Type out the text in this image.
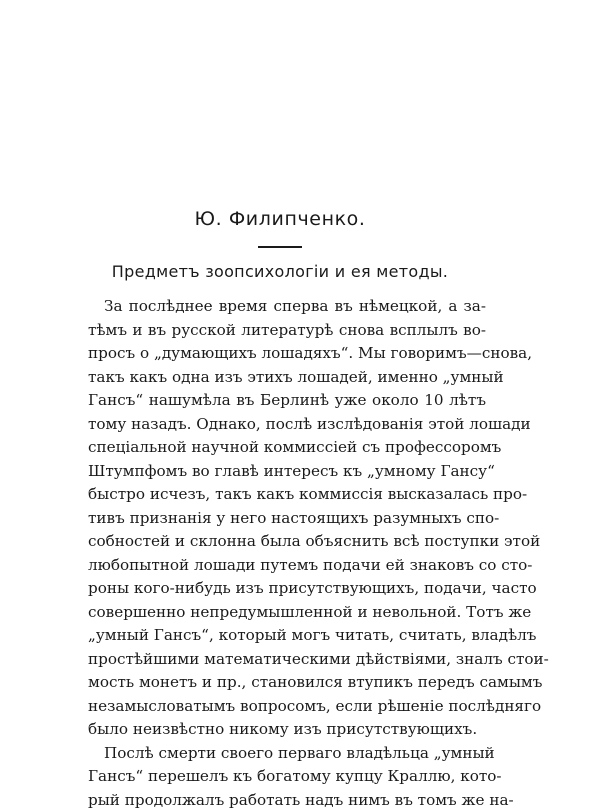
Ю. Филипченко.
Предметъ зоопсихологіи и ея методы.
За послѣднее время сперва въ нѣмецкой, а за-
тѣмъ и въ русской литературѣ снова всплылъ во-
просъ о „думающихъ лошадяхъ“. Мы говоримъ—снова,
такъ какъ одна изъ этихъ лошадей, именно „умный
Гансъ“ нашумѣла въ Берлинѣ уже около 10 лѣтъ
тому назадъ. Однако, послѣ изслѣдованія этой лошади
спеціальной научной коммиссіей съ профессоромъ
Штумпфомъ во главѣ интересъ къ „умному Гансу“
быстро исчезъ, такъ какъ коммиссія высказалась про-
тивъ признанія у него настоящихъ разумныхъ спо-
собностей и склонна была объяснить всѣ поступки этой
любопытной лошади путемъ подачи ей знаковъ со сто-
роны кого-нибудь изъ присутствующихъ, подачи, часто
совершенно непредумышленной и невольной. Тотъ же
„умный Гансъ“, который могъ читать, считать, владѣлъ
простѣйшими математическими дѣйствіями, зналъ стои-
мость монетъ и пр., становился втупикъ передъ самымъ
незамысловатымъ вопросомъ, если рѣшеніе послѣдняго
было неизвѣстно никому изъ присутствующихъ.
Послѣ смерти своего перваго владѣльца „умный
Гансъ“ перешелъ къ богатому купцу Краллю, кото-
рый продолжалъ работать надъ нимъ въ томъ же на-
